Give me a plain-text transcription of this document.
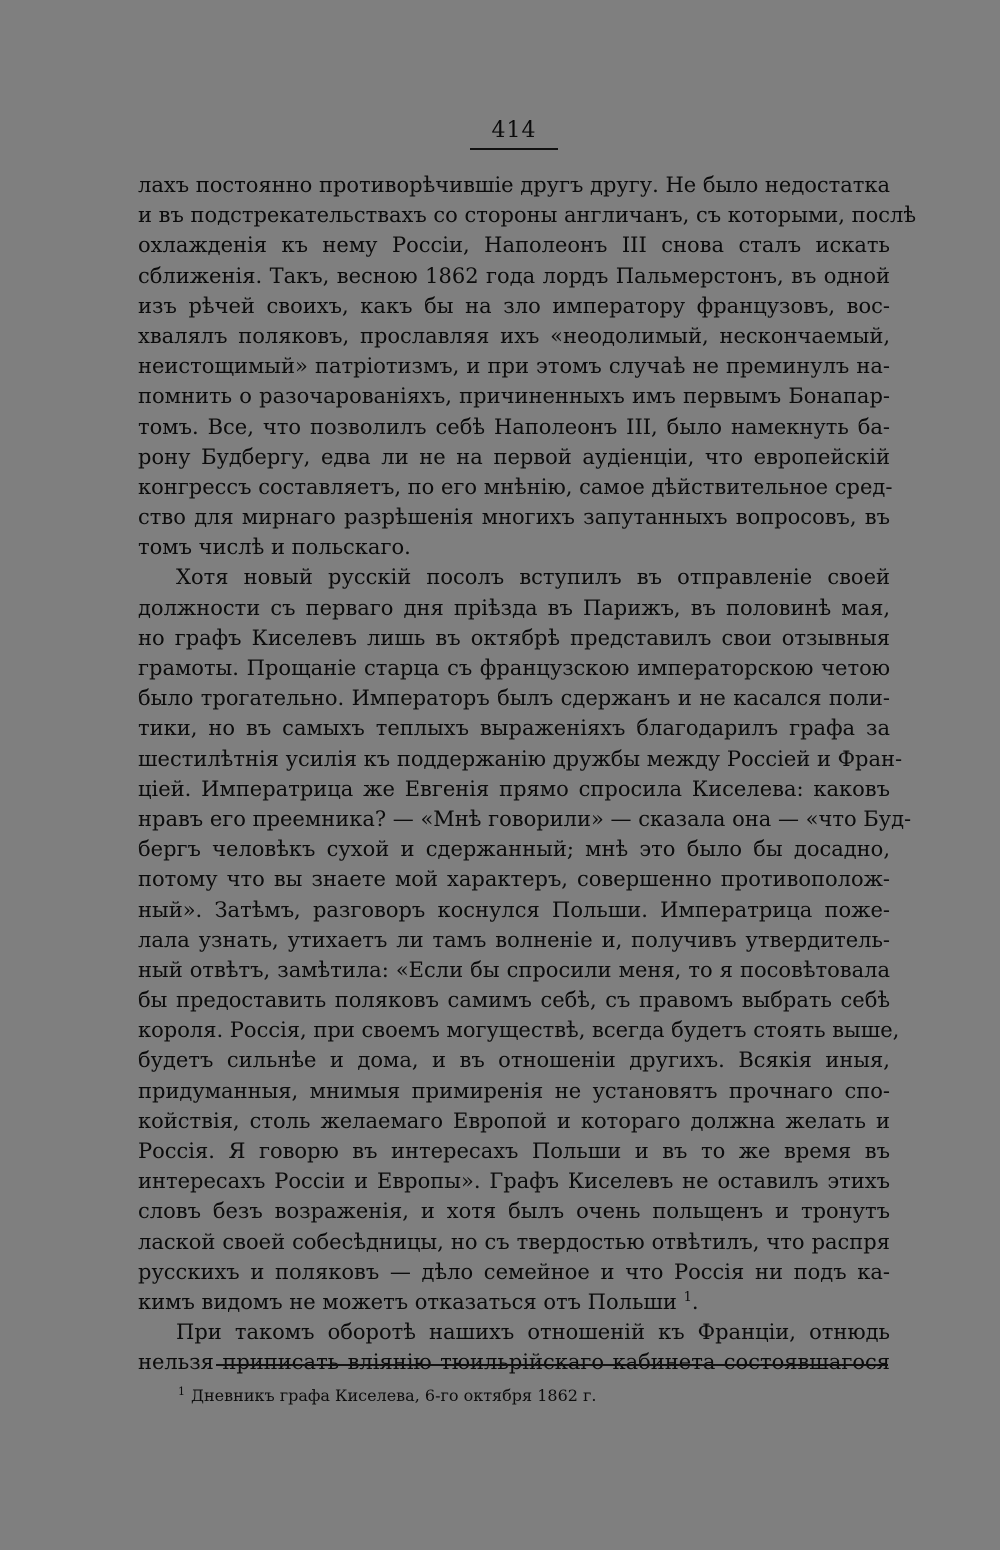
414
лахъ постоянно противорѣчившіе другъ другу. Не было недостатка
и въ подстрекательствахъ со стороны англичанъ, съ которыми, послѣ
охлажденія къ нему Россіи, Наполеонъ III снова сталъ искать
сближенія. Такъ, весною 1862 года лордъ Пальмерстонъ, въ одной
изъ рѣчей своихъ, какъ бы на зло императору французовъ, вос-
хвалялъ поляковъ, прославляя ихъ «неодолимый, нескончаемый,
неистощимый» патріотизмъ, и при этомъ случаѣ не преминулъ на-
помнить о разочарованіяхъ, причиненныхъ имъ первымъ Бонапар-
томъ. Все, что позволилъ себѣ Наполеонъ III, было намекнуть ба-
рону Будбергу, едва ли не на первой аудіенціи, что европейскій
конгрессъ составляетъ, по его мнѣнію, самое дѣйствительное сред-
ство для мирнаго разрѣшенія многихъ запутанныхъ вопросовъ, въ
томъ числѣ и польскаго.
Хотя новый русскій посолъ вступилъ въ отправленіе своей
должности съ перваго дня пріѣзда въ Парижъ, въ половинѣ мая,
но графъ Киселевъ лишь въ октябрѣ представилъ свои отзывныя
грамоты. Прощаніе старца съ французскою императорскою четою
было трогательно. Императоръ былъ сдержанъ и не касался поли-
тики, но въ самыхъ теплыхъ выраженіяхъ благодарилъ графа за
шестилѣтнія усилія къ поддержанію дружбы между Россіей и Фран-
ціей. Императрица же Евгенія прямо спросила Киселева: каковъ
нравъ его преемника? — «Мнѣ говорили» — сказала она — «что Буд-
бергъ человѣкъ сухой и сдержанный; мнѣ это было бы досадно,
потому что вы знаете мой характеръ, совершенно противополож-
ный». Затѣмъ, разговоръ коснулся Польши. Императрица поже-
лала узнать, утихаетъ ли тамъ волненіе и, получивъ утвердитель-
ный отвѣтъ, замѣтила: «Если бы спросили меня, то я посовѣтовала
бы предоставить поляковъ самимъ себѣ, съ правомъ выбрать себѣ
короля. Россія, при своемъ могуществѣ, всегда будетъ стоять выше,
будетъ сильнѣе и дома, и въ отношеніи другихъ. Всякія иныя,
придуманныя, мнимыя примиренія не установятъ прочнаго спо-
койствія, столь желаемаго Европой и котораго должна желать и
Россія. Я говорю въ интересахъ Польши и въ то же время въ
интересахъ Россіи и Европы». Графъ Киселевъ не оставилъ этихъ
словъ безъ возраженія, и хотя былъ очень польщенъ и тронутъ
лаской своей собесѣдницы, но съ твердостью отвѣтилъ, что распря
русскихъ и поляковъ — дѣло семейное и что Россія ни подъ ка-
кимъ видомъ не можетъ отказаться отъ Польши $^1$.
При такомъ оборотѣ нашихъ отношеній къ Франціи, отнюдь
нельзя приписать вліянію тюильрійскаго кабинета состоявшагося
$^1$ Дневникъ графа Киселева, 6-го октября 1862 г.
